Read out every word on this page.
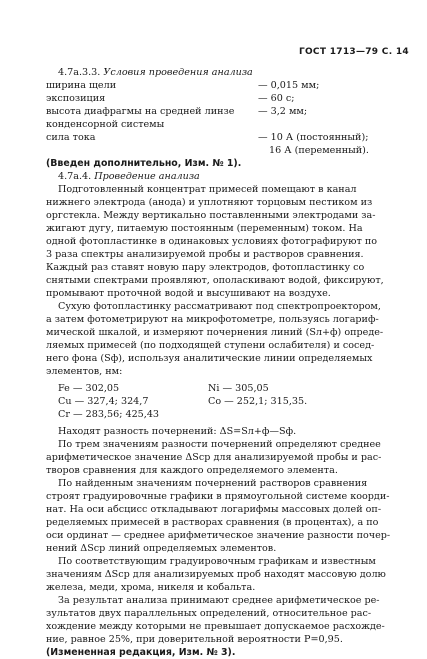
ГОСТ 1713—79 С. 14
4.7а.3.3. Условия проведения анализа
ширина щели	— 0,015 мм;
экспозиция	— 60 с;
высота диафрагмы на средней линзе	— 3,2 мм;
конденсорной системы
сила тока	— 10 А (постоянный);
16 А (переменный).
(Введен дополнительно, Изм. № 1).
4.7а.4. Проведение анализа
Подготовленный концентрат примесей помещают в канал
нижнего электрода (анода) и уплотняют торцовым пестиком из
оргстекла. Между вертикально поставленными электродами за-
жигают дугу, питаемую постоянным (переменным) током. На
одной фотопластинке в одинаковых условиях фотографируют по
3 раза спектры анализируемой пробы и растворов сравнения.
Каждый раз ставят новую пару электродов, фотопластинку со
снятыми спектрами проявляют, ополаскивают водой, фиксируют,
промывают проточной водой и высушивают на воздухе.
Сухую фотопластинку рассматривают под спектропроектором,
а затем фотометрируют на микрофотометре, пользуясь логариф-
мической шкалой, и измеряют почернения линий (Sл+ф) опреде-
ляемых примесей (по подходящей ступени ослабителя) и сосед-
него фона (Sф), используя аналитические линии определяемых
элементов, нм:
Fe — 302,05	Ni — 305,05
Cu — 327,4; 324,7	Co — 252,1; 315,35.
Cr — 283,56; 425,43
Находят разность почернений: ΔS=Sл+ф—Sф.
По трем значениям разности почернений определяют среднее
арифметическое значение ΔSср для анализируемой пробы и рас-
творов сравнения для каждого определяемого элемента.
По найденным значениям почернений растворов сравнения
строят градуировочные графики в прямоугольной системе коорди-
нат. На оси абсцисс откладывают логарифмы массовых долей оп-
ределяемых примесей в растворах сравнения (в процентах), а по
оси ординат — среднее арифметическое значение разности почер-
нений ΔSср линий определяемых элементов.
По соответствующим градуировочным графикам и известным
значениям ΔSср для анализируемых проб находят массовую долю
железа, меди, хрома, никеля и кобальта.
За результат анализа принимают среднее арифметическое ре-
зультатов двух параллельных определений, относительное рас-
хождение между которыми не превышает допускаемое расхожде-
ние, равное 25%, при доверительной вероятности P=0,95.
(Измененная редакция, Изм. № 3).
